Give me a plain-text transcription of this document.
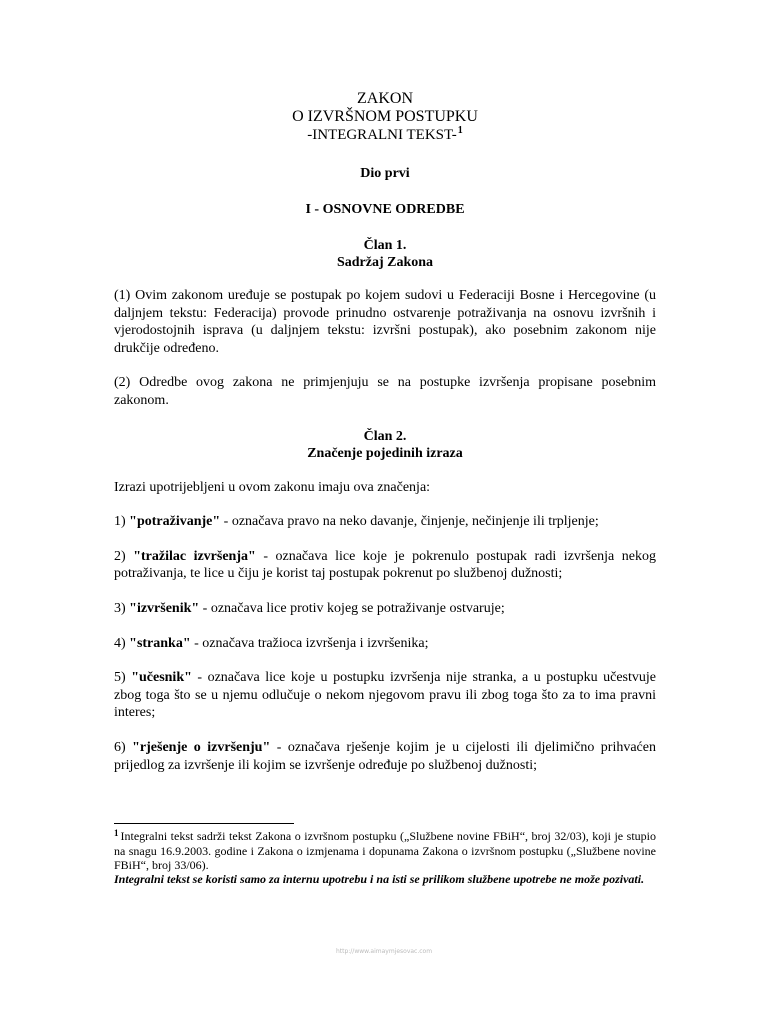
ZAKON
O IZVRŠNOM POSTUPKU
-INTEGRALNI TEKST-$^1$
Dio prvi
I - OSNOVNE ODREDBE
Član 1.
Sadržaj Zakona

(1) Ovim zakonom uređuje se postupak po kojem sudovi u Federaciji Bosne i Hercegovine (u daljnjem tekstu: Federacija) provode prinudno ostvarenje potraživanja na osnovu izvršnih i vjerodostojnih isprava (u daljnjem tekstu: izvršni postupak), ako posebnim zakonom nije drukčije određeno.

(2) Odredbe ovog zakona ne primjenjuju se na postupke izvršenja propisane posebnim zakonom.

Član 2.
Značenje pojedinih izraza

Izrazi upotrijebljeni u ovom zakonu imaju ova značenja:

1) "potraživanje" - označava pravo na neko davanje, činjenje, nečinjenje ili trpljenje;

2) "tražilac izvršenja" - označava lice koje je pokrenulo postupak radi izvršenja nekog potraživanja, te lice u čiju je korist taj postupak pokrenut po službenoj dužnosti;

3) "izvršenik" - označava lice protiv kojeg se potraživanje ostvaruje;

4) "stranka" - označava tražioca izvršenja i izvršenika;

5) "učesnik" - označava lice koje u postupku izvršenja nije stranka, a u postupku učestvuje zbog toga što se u njemu odlučuje o nekom njegovom pravu ili zbog toga što za to ima pravni interes;

6) "rješenje o izvršenju" - označava rješenje kojim je u cijelosti ili djelimično prihvaćen prijedlog za izvršenje ili kojim se izvršenje određuje po službenoj dužnosti;

$^1$ Integralni tekst sadrži tekst Zakona o izvršnom postupku („Službene novine FBiH“, broj 32/03), koji je stupio na snagu 16.9.2003. godine i Zakona o izmjenama i dopunama Zakona o izvršnom postupku („Službene novine FBiH“, broj 33/06).
Integralni tekst se koristi samo za internu upotrebu i na isti se prilikom službene upotrebe ne može pozivati.
http://www.aimaymjesovac.com
